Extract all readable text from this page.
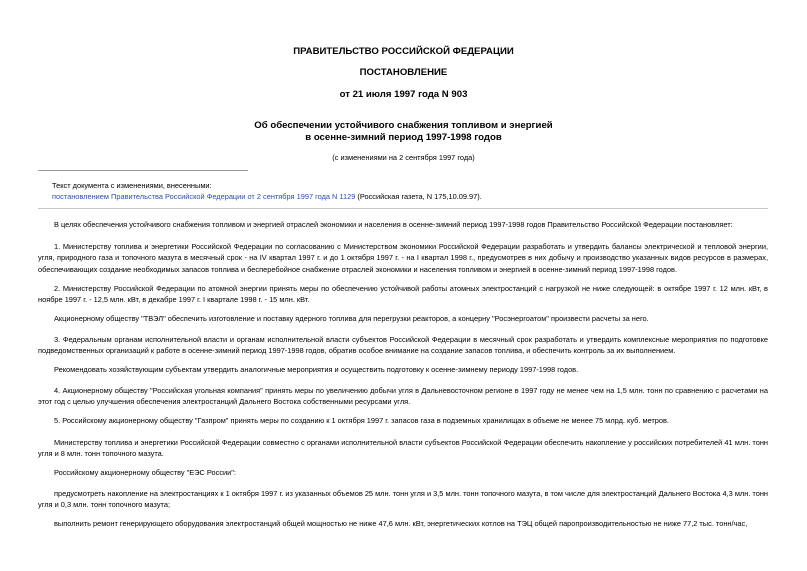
ПРАВИТЕЛЬСТВО РОССИЙСКОЙ ФЕДЕРАЦИИ
ПОСТАНОВЛЕНИЕ
от 21 июля 1997 года N 903
Об обеспечении устойчивого снабжения топливом и энергией
в осенне-зимний период 1997-1998 годов
(с изменениями на 2 сентября 1997 года)
Текст документа с изменениями, внесенными:
постановлением Правительства Российской Федерации от 2 сентября 1997 года N 1129 (Российская газета, N 175,10.09.97).

В целях обеспечения устойчивого снабжения топливом и энергией отраслей экономики и населения в осенне-зимний период 1997-1998 годов Правительство Российской Федерации постановляет:

1. Министерству топлива и энергетики Российской Федерации по согласованию с Министерством экономики Российской Федерации разработать и утвердить балансы электрической и тепловой энергии, угля, природного газа и топочного мазута в месячный срок - на IV квартал 1997 г. и до 1 октября 1997 г. - на I квартал 1998 г., предусмотрев в них добычу и производство указанных видов ресурсов в размерах, обеспечивающих создание необходимых запасов топлива и бесперебойное снабжение отраслей экономики и населения топливом и энергией в осенне-зимний период 1997-1998 годов.

2. Министерству Российской Федерации по атомной энергии принять меры по обеспечению устойчивой работы атомных электростанций с нагрузкой не ниже следующей: в октябре 1997 г. 12 млн. кВт, в ноябре 1997 г. - 12,5 млн. кВт, в декабре 1997 г. I квартале 1998 г. - 15 млн. кВт.

Акционерному обществу "ТВЭЛ" обеспечить изготовление и поставку ядерного топлива для перегрузки реакторов, а концерну "Росэнергоатом" произвести расчеты за него.

3. Федеральным органам исполнительной власти и органам исполнительной власти субъектов Российской Федерации в месячный срок разработать и утвердить комплексные мероприятия по подготовке подведомственных организаций к работе в осенне-зимний период 1997-1998 годов, обратив особое внимание на создание запасов топлива, и обеспечить контроль за их выполнением.

Рекомендовать хозяйствующим субъектам утвердить аналогичные мероприятия и осуществить подготовку к осенне-зимнему периоду 1997-1998 годов.

4. Акционерному обществу "Российская угольная компания" принять меры по увеличению добычи угля в Дальневосточном регионе в 1997 году не менее чем на 1,5 млн. тонн по сравнению с расчетами на этот год с целью улучшения обеспечения электростанций Дальнего Востока собственными ресурсами угля.

5. Российскому акционерному обществу "Газпром" принять меры по созданию к 1 октября 1997 г. запасов газа в подземных хранилищах в объеме не менее 75 млрд. куб. метров.

Министерству топлива и энергетики Российской Федерации совместно с органами исполнительной власти субъектов Российской Федерации обеспечить накопление у российских потребителей 41 млн. тонн угля и 8 млн. тонн топочного мазута.

Российскому акционерному обществу "ЕЭС России":

предусмотреть накопление на электростанциях к 1 октября 1997 г. из указанных объемов 25 млн. тонн угля и 3,5 млн. тонн топочного мазута, в том числе для электростанций Дальнего Востока 4,3 млн. тонн угля и 0,3 млн. тонн топочного мазута;

выполнить ремонт генерирующего оборудования электростанций общей мощностью не ниже 47,6 млн. кВт, энергетических котлов на ТЭЦ общей паропроизводительностью не ниже 77,2 тыс. тонн/час,
